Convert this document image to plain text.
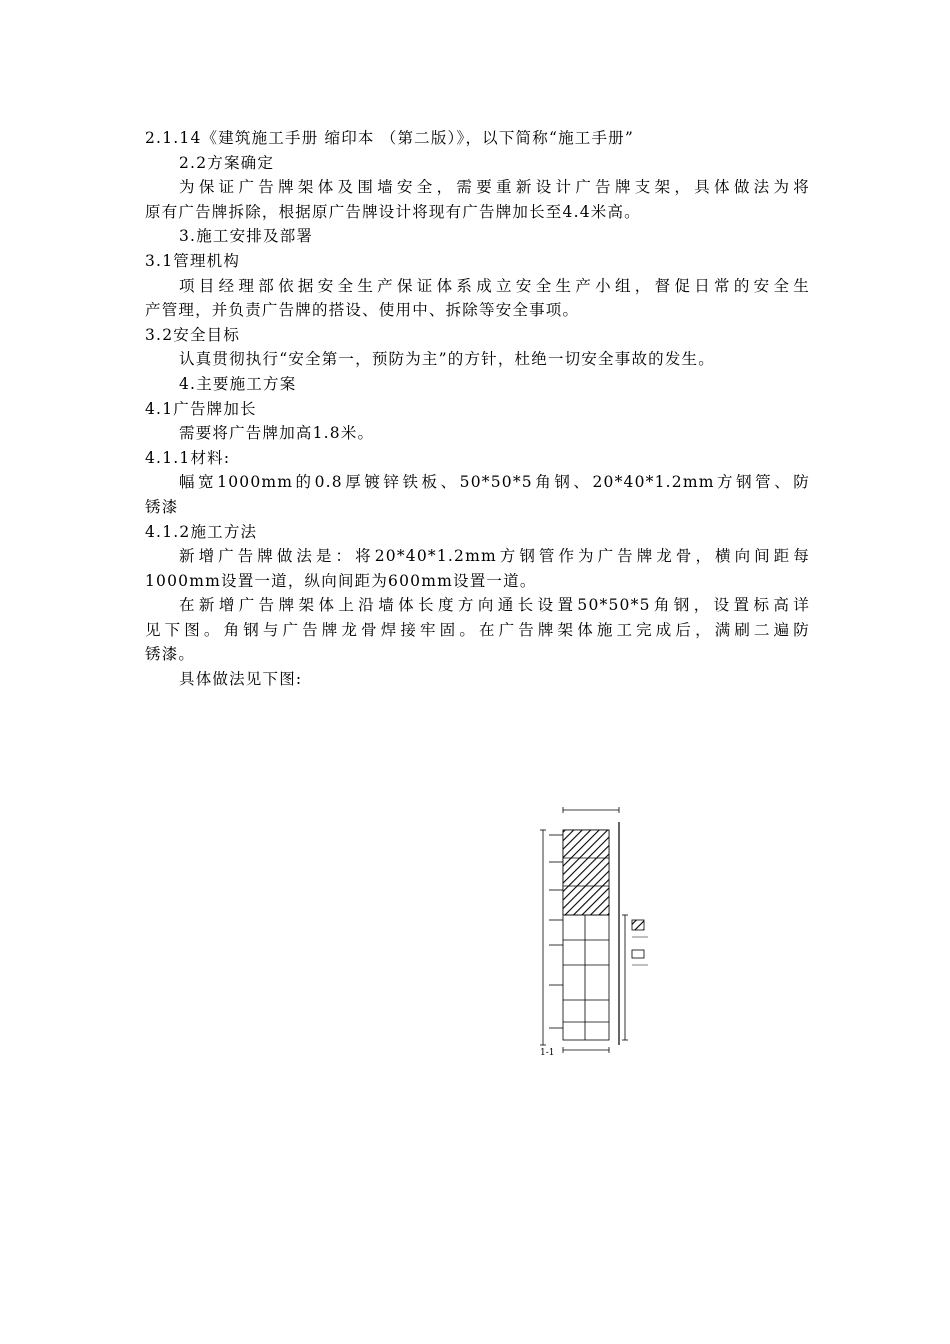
2.1.14《建筑施工手册 缩印本 （第二版）》，以下简称“施工手册”
2.2方案确定
为保证广告牌架体及围墙安全，需要重新设计广告牌支架，具体做法为将
原有广告牌拆除，根据原广告牌设计将现有广告牌加长至4.4米高。
3.施工安排及部署
3.1管理机构
项目经理部依据安全生产保证体系成立安全生产小组，督促日常的安全生
产管理，并负责广告牌的搭设、使用中、拆除等安全事项。
3.2安全目标
认真贯彻执行“安全第一，预防为主”的方针，杜绝一切安全事故的发生。
4.主要施工方案
4.1广告牌加长
需要将广告牌加高1.8米。
4.1.1材料:
幅宽1000mm的0.8厚镀锌铁板、50*50*5角钢、20*40*1.2mm方钢管、防
锈漆
4.1.2施工方法
新增广告牌做法是：将20*40*1.2mm方钢管作为广告牌龙骨，横向间距每
1000mm设置一道，纵向间距为600mm设置一道。
在新增广告牌架体上沿墙体长度方向通长设置50*50*5角钢，设置标高详
见下图。角钢与广告牌龙骨焊接牢固。在广告牌架体施工完成后，满刷二遍防
锈漆。
具体做法见下图:
1-1
